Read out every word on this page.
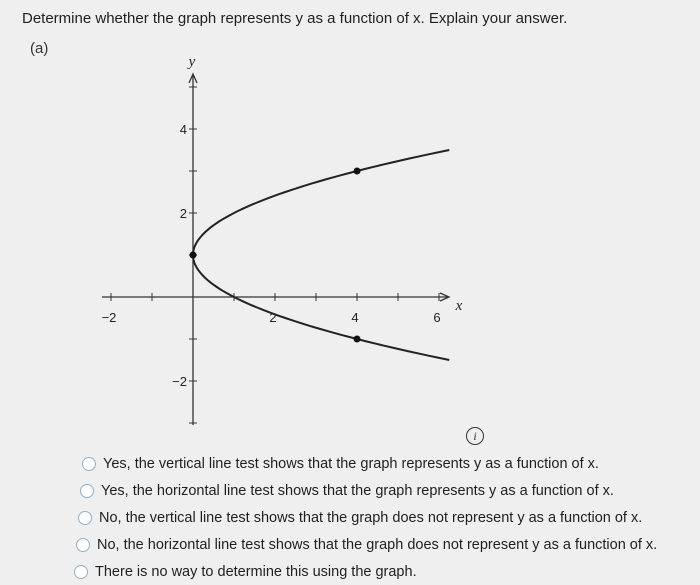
Determine whether the graph represents y as a function of x. Explain your answer.
(a)
−2	2	4	6
4
2
−2
y
x
i
Yes, the vertical line test shows that the graph represents y as a function of x.
Yes, the horizontal line test shows that the graph represents y as a function of x.
No, the vertical line test shows that the graph does not represent y as a function of x.
No, the horizontal line test shows that the graph does not represent y as a function of x.
There is no way to determine this using the graph.
